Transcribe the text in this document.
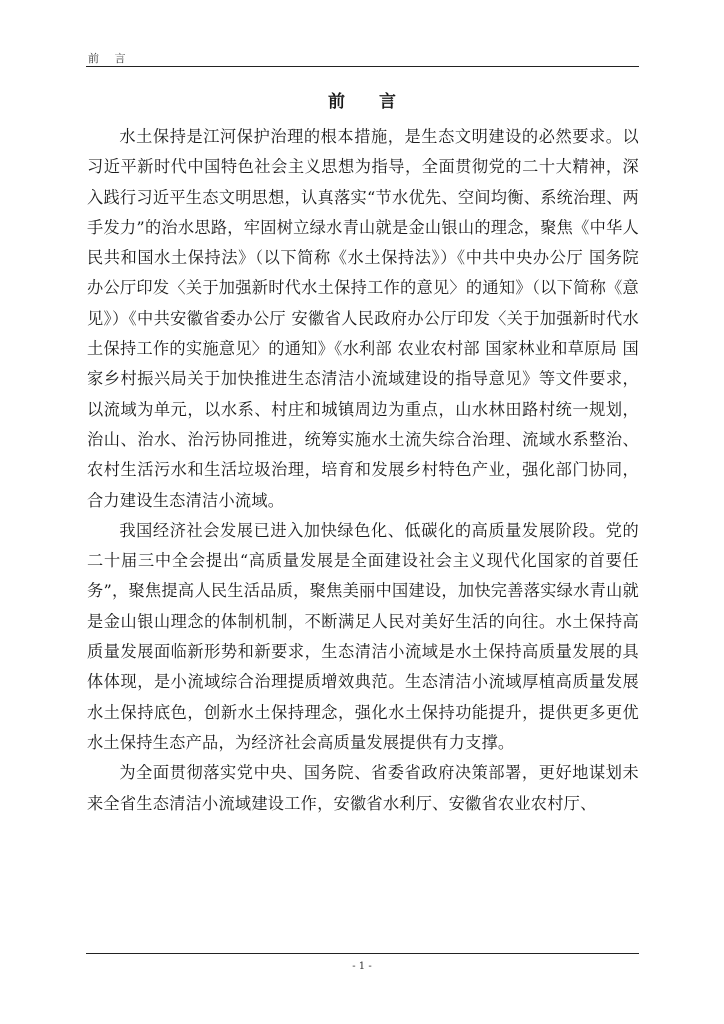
前 言
前 言

水土保持是江河保护治理的根本措施，是生态文明建设的必然要求。以习近平新时代中国特色社会主义思想为指导，全面贯彻党的二十大精神，深入践行习近平生态文明思想，认真落实“节水优先、空间均衡、系统治理、两手发力”的治水思路，牢固树立绿水青山就是金山银山的理念，聚焦《中华人民共和国水土保持法》（以下简称《水土保持法》）《中共中央办公厅 国务院办公厅印发〈关于加强新时代水土保持工作的意见〉的通知》（以下简称《意见》）《中共安徽省委办公厅 安徽省人民政府办公厅印发〈关于加强新时代水土保持工作的实施意见〉的通知》《水利部 农业农村部 国家林业和草原局 国家乡村振兴局关于加快推进生态清洁小流域建设的指导意见》等文件要求，以流域为单元，以水系、村庄和城镇周边为重点，山水林田路村统一规划，治山、治水、治污协同推进，统筹实施水土流失综合治理、流域水系整治、农村生活污水和生活垃圾治理，培育和发展乡村特色产业，强化部门协同，合力建设生态清洁小流域。

我国经济社会发展已进入加快绿色化、低碳化的高质量发展阶段。党的二十届三中全会提出“高质量发展是全面建设社会主义现代化国家的首要任务”，聚焦提高人民生活品质，聚焦美丽中国建设，加快完善落实绿水青山就是金山银山理念的体制机制，不断满足人民对美好生活的向往。水土保持高质量发展面临新形势和新要求，生态清洁小流域是水土保持高质量发展的具体体现，是小流域综合治理提质增效典范。生态清洁小流域厚植高质量发展水土保持底色，创新水土保持理念，强化水土保持功能提升，提供更多更优水土保持生态产品，为经济社会高质量发展提供有力支撑。

为全面贯彻落实党中央、国务院、省委省政府决策部署，更好地谋划未来全省生态清洁小流域建设工作，安徽省水利厅、安徽省农业农村厅、

- 1 -
